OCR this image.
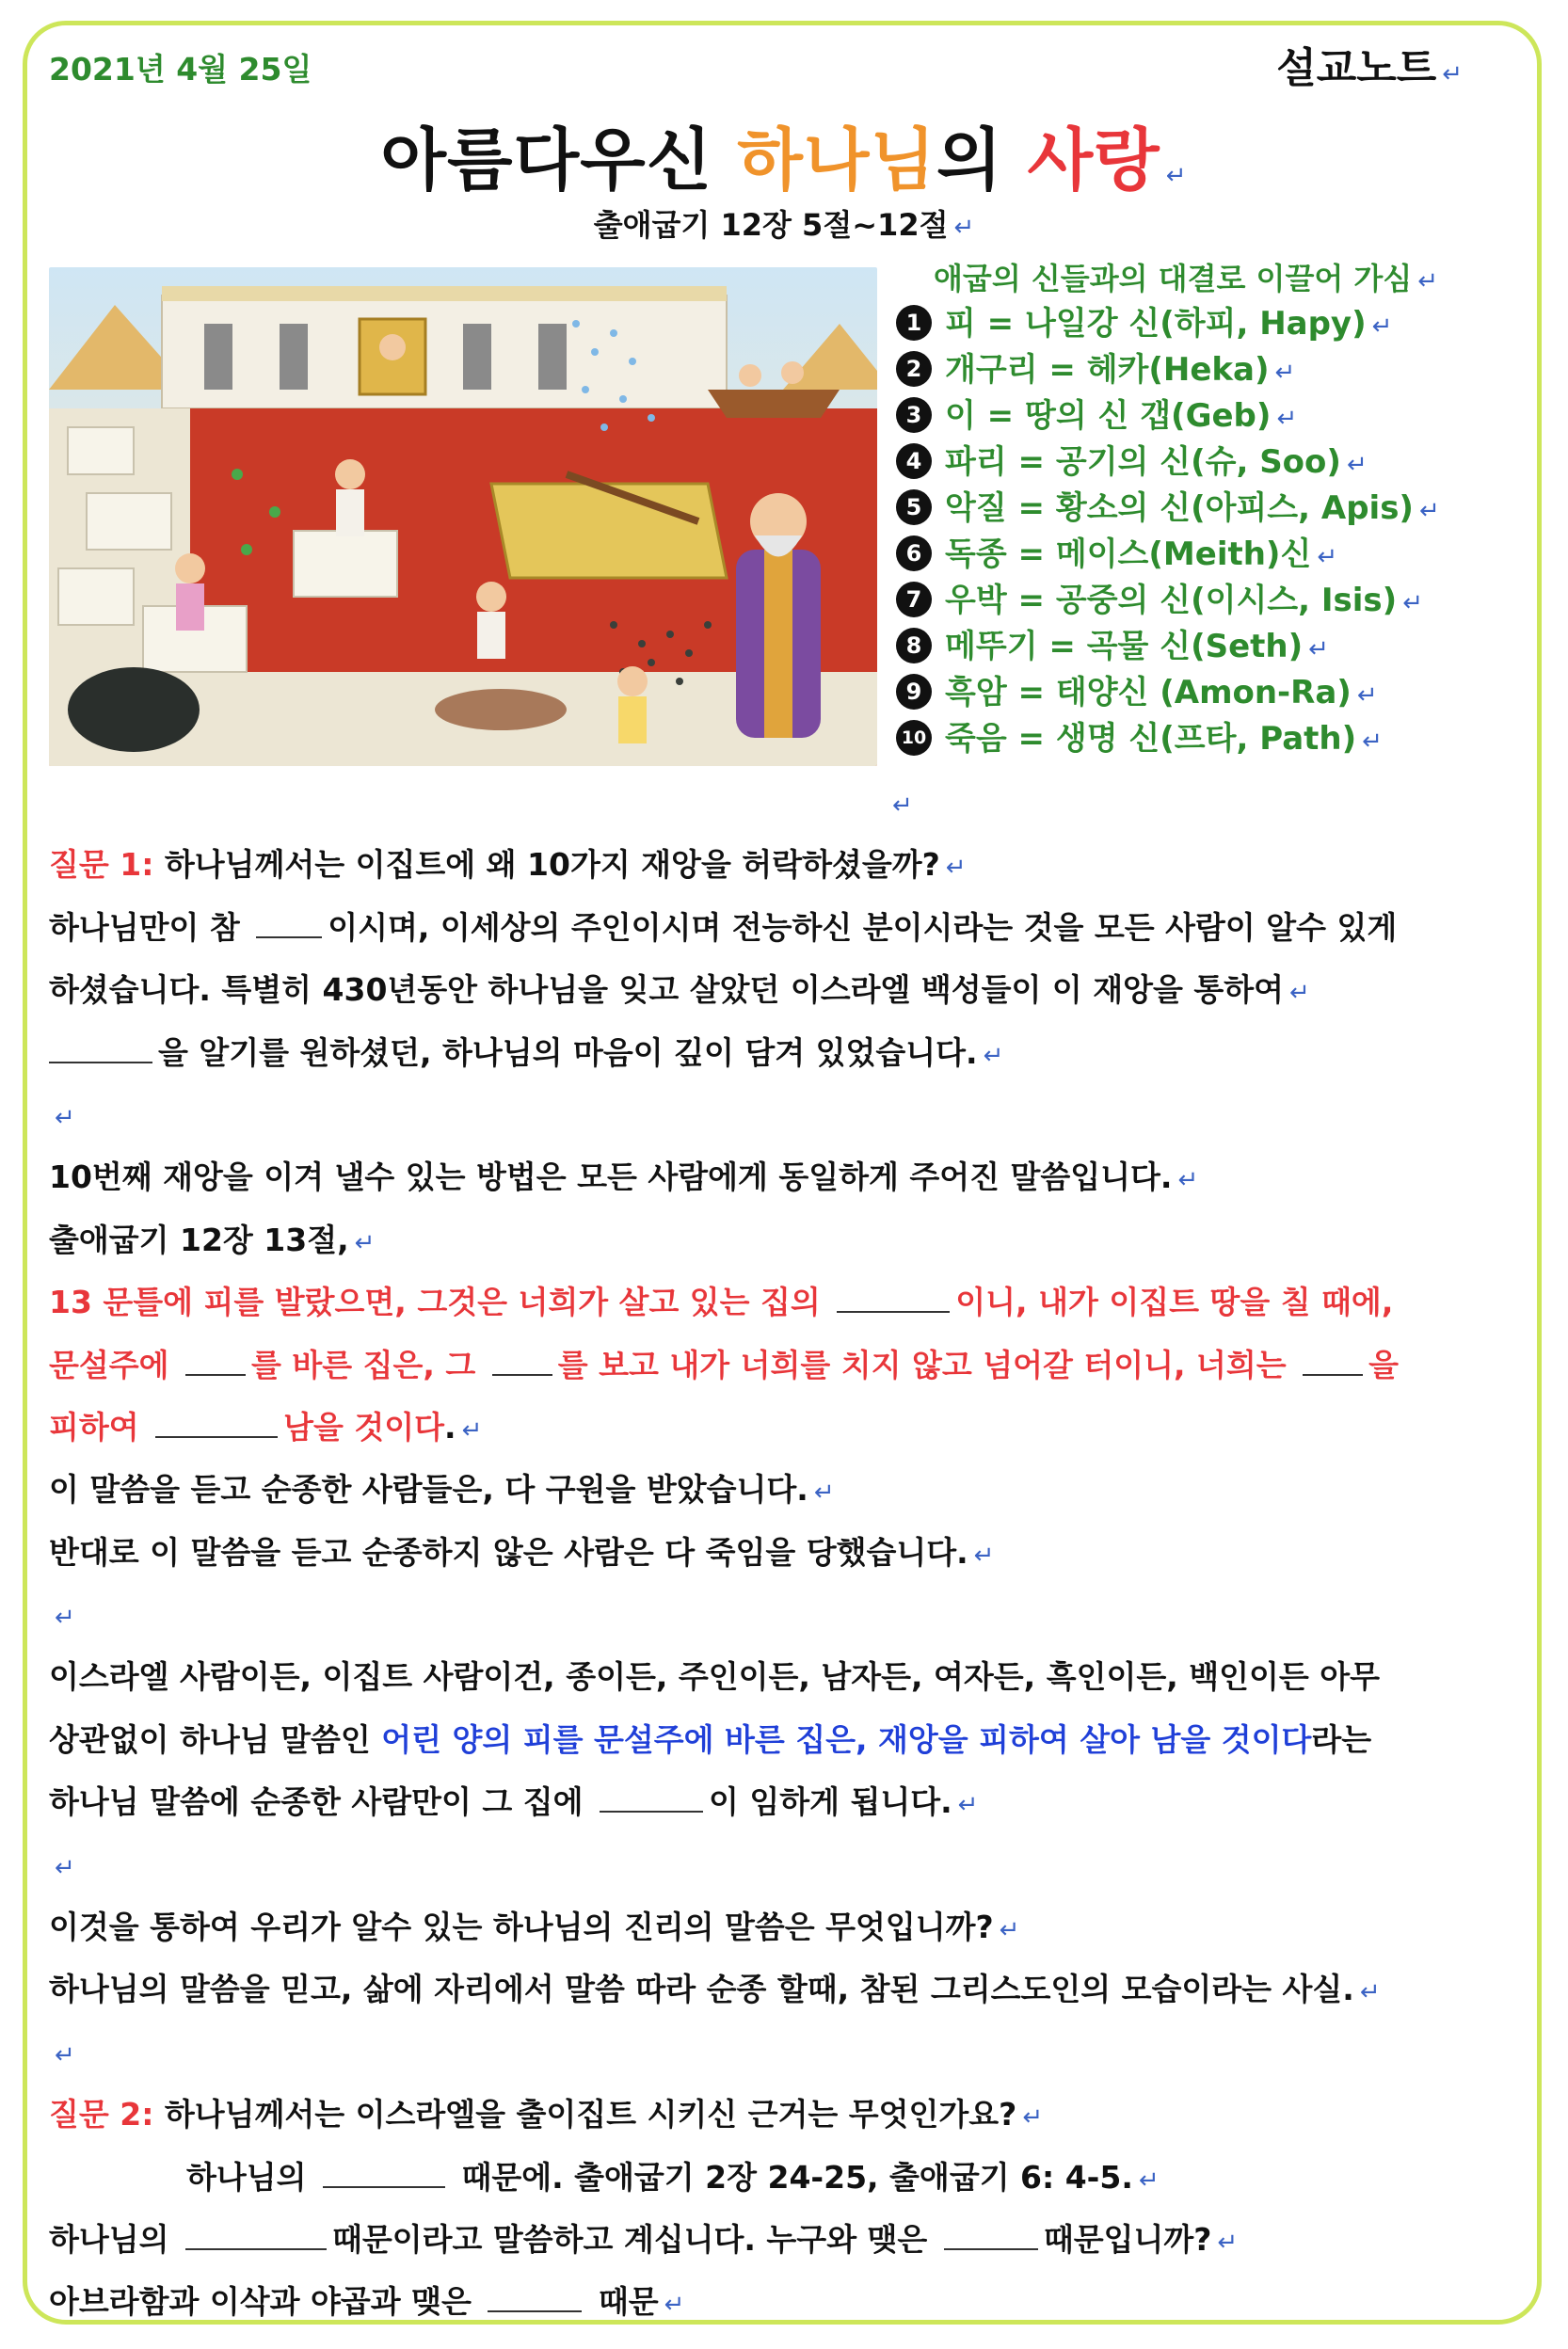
2021년 4월 25일	설교노트 ↵
아름다우신 하나님의 사랑 ↵
출애굽기 12장 5절~12절 ↵
애굽의 신들과의 대결로 이끌어 가심 ↵
1 피 = 나일강 신(하피, Hapy) ↵
2 개구리 = 헤카(Heka) ↵
3 이 = 땅의 신 갭(Geb) ↵
4 파리 = 공기의 신(슈, Soo) ↵
5 악질 = 황소의 신(아피스, Apis) ↵
6 독종 = 메이스(Meith)신 ↵
7 우박 = 공중의 신(이시스, Isis) ↵
8 메뚜기 = 곡물 신(Seth) ↵
9 흑암 = 태양신 (Amon-Ra) ↵
10 죽음 = 생명 신(프타, Path) ↵
↵
질문 1: 하나님께서는 이집트에 왜 10가지 재앙을 허락하셨을까? ↵
하나님만이 참 이시며, 이세상의 주인이시며 전능하신 분이시라는 것을 모든 사람이 알수 있게
하셨습니다. 특별히 430년동안 하나님을 잊고 살았던 이스라엘 백성들이 이 재앙을 통하여 ↵
을 알기를 원하셨던, 하나님의 마음이 깊이 담겨 있었습니다. ↵
↵
10번째 재앙을 이겨 낼수 있는 방법은 모든 사람에게 동일하게 주어진 말씀입니다. ↵
출애굽기 12장 13절, ↵
13 문틀에 피를 발랐으면, 그것은 너희가 살고 있는 집의	이니, 내가 이집트 땅을 칠 때에,
문설주에 를 바른 집은, 그 를 보고 내가 너희를 치지 않고 넘어갈 터이니, 너희는 을
피하여	남을 것이다. ↵
이 말씀을 듣고 순종한 사람들은, 다 구원을 받았습니다. ↵
반대로 이 말씀을 듣고 순종하지 않은 사람은 다 죽임을 당했습니다. ↵
↵
이스라엘 사람이든, 이집트 사람이건, 종이든, 주인이든, 남자든, 여자든, 흑인이든, 백인이든 아무
상관없이 하나님 말씀인 어린 양의 피를 문설주에 바른 집은, 재앙을 피하여 살아 남을 것이다라는
하나님 말씀에 순종한 사람만이 그 집에	이 임하게 됩니다. ↵
↵
이것을 통하여 우리가 알수 있는 하나님의 진리의 말씀은 무엇입니까? ↵
하나님의 말씀을 믿고, 삶에 자리에서 말씀 따라 순종 할때, 참된 그리스도인의 모습이라는 사실. ↵
↵
질문 2: 하나님께서는 이스라엘을 출이집트 시키신 근거는 무엇인가요? ↵
하나님의	때문에. 출애굽기 2장 24-25, 출애굽기 6: 4-5. ↵
하나님의	때문이라고 말씀하고 계십니다. 누구와 맺은	때문입니까? ↵
아브라함과 이삭과 야곱과 맺은	때문 ↵
